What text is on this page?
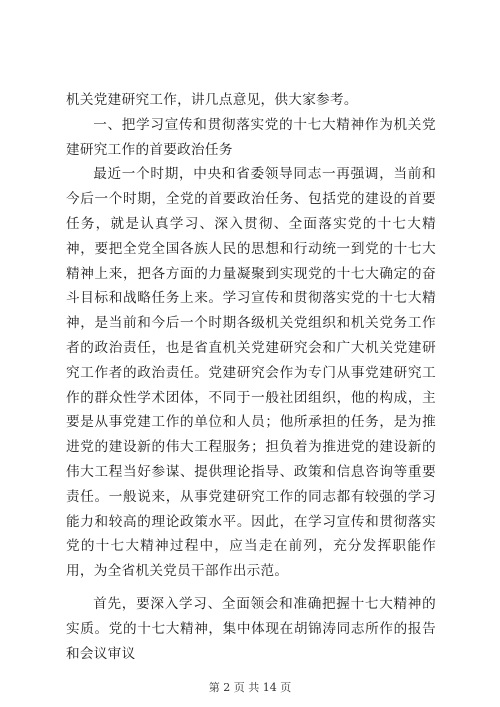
机关党建研究工作，讲几点意见，供大家参考。

一、把学习宣传和贯彻落实党的十七大精神作为机关党建研究工作的首要政治任务

最近一个时期，中央和省委领导同志一再强调，当前和今后一个时期，全党的首要政治任务、包括党的建设的首要任务，就是认真学习、深入贯彻、全面落实党的十七大精神，要把全党全国各族人民的思想和行动统一到党的十七大精神上来，把各方面的力量凝聚到实现党的十七大确定的奋斗目标和战略任务上来。学习宣传和贯彻落实党的十七大精神，是当前和今后一个时期各级机关党组织和机关党务工作者的政治责任，也是省直机关党建研究会和广大机关党建研究工作者的政治责任。党建研究会作为专门从事党建研究工作的群众性学术团体，不同于一般社团组织，他的构成，主要是从事党建工作的单位和人员；他所承担的任务，是为推进党的建设新的伟大工程服务；担负着为推进党的建设新的伟大工程当好参谋、提供理论指导、政策和信息咨询等重要责任。一般说来，从事党建研究工作的同志都有较强的学习能力和较高的理论政策水平。因此，在学习宣传和贯彻落实党的十七大精神过程中，应当走在前列，充分发挥职能作用，为全省机关党员干部作出示范。

首先，要深入学习、全面领会和准确把握十七大精神的实质。党的十七大精神，集中体现在胡锦涛同志所作的报告和会议审议

第 2 页 共 14 页
